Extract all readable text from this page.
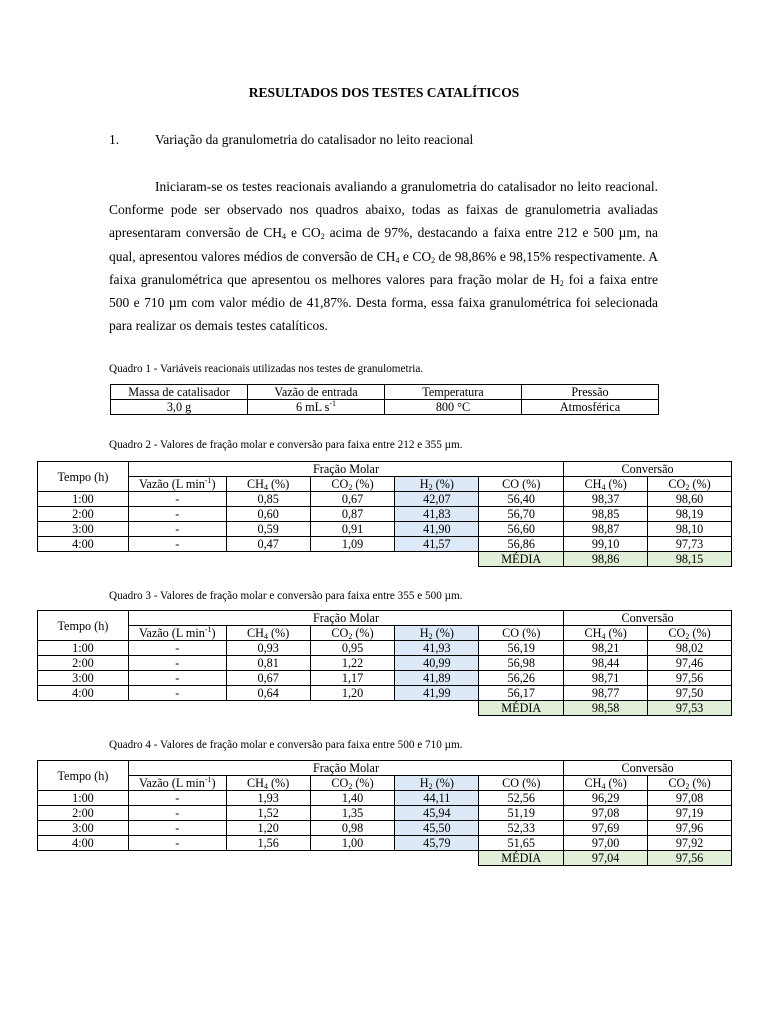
RESULTADOS DOS TESTES CATALÍTICOS
1.	Variação da granulometria do catalisador no leito reacional

Iniciaram-se os testes reacionais avaliando a granulometria do catalisador no leito reacional. Conforme pode ser observado nos quadros abaixo, todas as faixas de granulometria avaliadas apresentaram conversão de $CH_4$ e $CO_2$ acima de 97%, destacando a faixa entre 212 e 500 µm, na qual, apresentou valores médios de conversão de $CH_4$ e $CO_2$ de 98,86% e 98,15% respectivamente. A faixa granulométrica que apresentou os melhores valores para fração molar de $H_2$ foi a faixa entre 500 e 710 µm com valor médio de 41,87%. Desta forma, essa faixa granulométrica foi selecionada para realizar os demais testes catalíticos.

Quadro 1 - Variáveis reacionais utilizadas nos testes de granulometria.
Massa de catalisador	Vazão de entrada	Temperatura	Pressão
3,0 g	6 mL $s^{-1}$	800 °C	Atmosférica
Quadro 2 - Valores de fração molar e conversão para faixa entre 212 e 355 µm.
Tempo (h)	Fração Molar					Conversão	
	Vazão (L $\min^{-1}$)	$CH_4$ (%)	$CO_2$ (%)	$H_2$ (%)	CO (%)	$CH_4$ (%)	$CO_2$ (%)
1:00	-	0,85	0,67	42,07	56,40	98,37	98,60
2:00	-	0,60	0,87	41,83	56,70	98,85	98,19
3:00	-	0,59	0,91	41,90	56,60	98,87	98,10
4:00	-	0,47	1,09	41,57	56,86	99,10	97,73
					MÉDIA	98,86	98,15
Quadro 3 - Valores de fração molar e conversão para faixa entre 355 e 500 µm.
Tempo (h)	Fração Molar					Conversão	
	Vazão (L $\min^{-1}$)	$CH_4$ (%)	$CO_2$ (%)	$H_2$ (%)	CO (%)	$CH_4$ (%)	$CO_2$ (%)
1:00	-	0,93	0,95	41,93	56,19	98,21	98,02
2:00	-	0,81	1,22	40,99	56,98	98,44	97,46
3:00	-	0,67	1,17	41,89	56,26	98,71	97,56
4:00	-	0,64	1,20	41,99	56,17	98,77	97,50
					MÉDIA	98,58	97,53
Quadro 4 - Valores de fração molar e conversão para faixa entre 500 e 710 µm.
Tempo (h)	Fração Molar					Conversão	
	Vazão (L $\min^{-1}$)	$CH_4$ (%)	$CO_2$ (%)	$H_2$ (%)	CO (%)	$CH_4$ (%)	$CO_2$ (%)
1:00	-	1,93	1,40	44,11	52,56	96,29	97,08
2:00	-	1,52	1,35	45,94	51,19	97,08	97,19
3:00	-	1,20	0,98	45,50	52,33	97,69	97,96
4:00	-	1,56	1,00	45,79	51,65	97,00	97,92
					MÉDIA	97,04	97,56
